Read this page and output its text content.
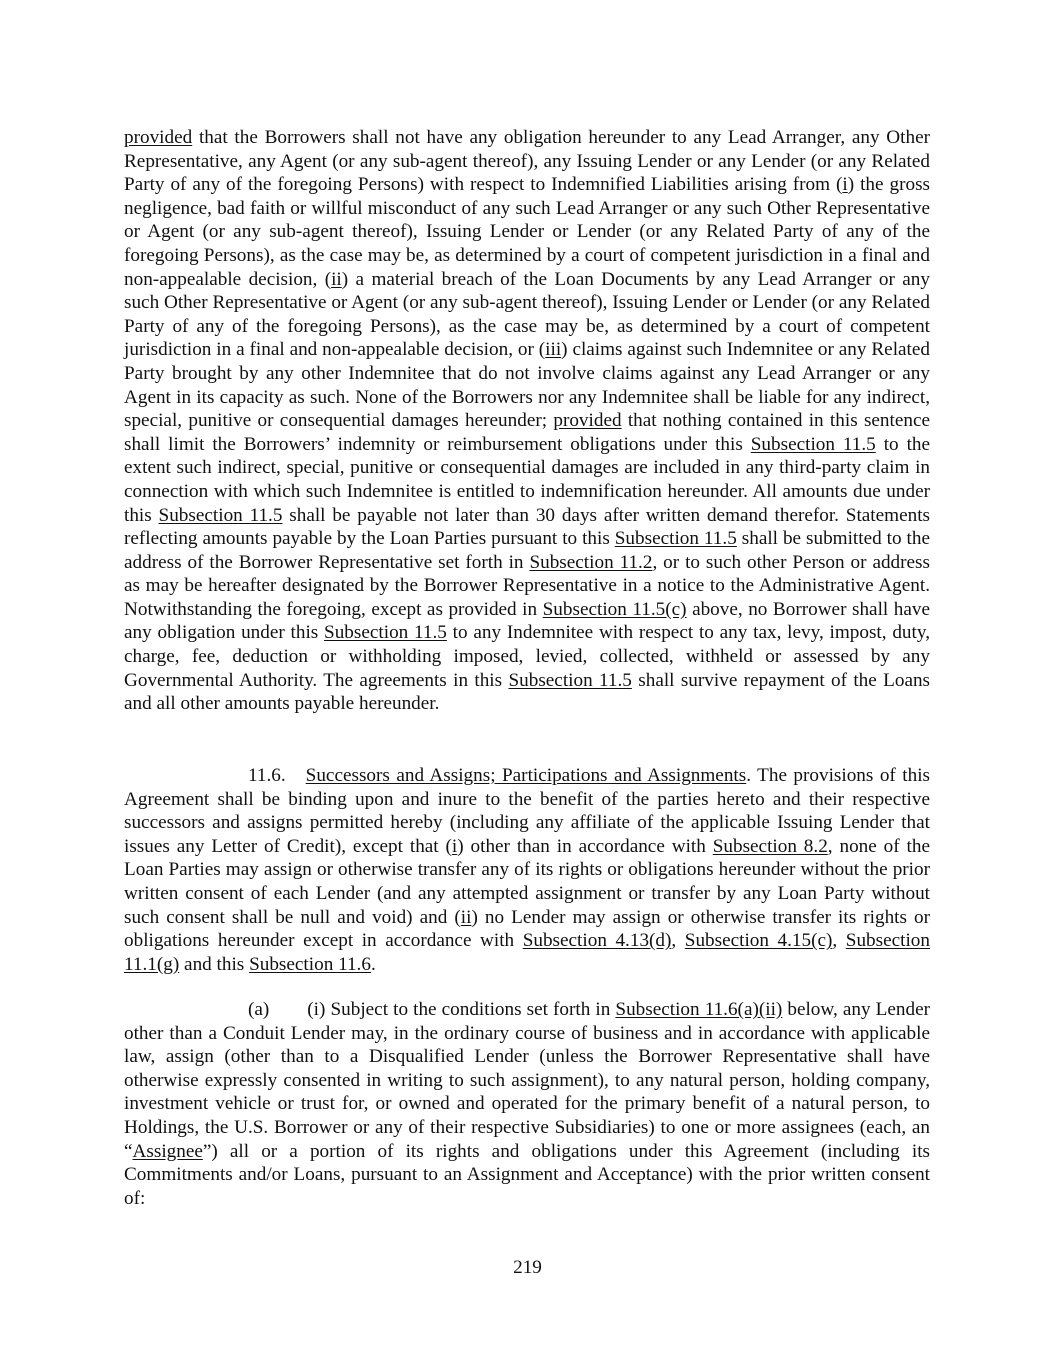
provided that the Borrowers shall not have any obligation hereunder to any Lead Arranger, any Other Representative, any Agent (or any sub-agent thereof), any Issuing Lender or any Lender (or any Related Party of any of the foregoing Persons) with respect to Indemnified Liabilities arising from (i) the gross negligence, bad faith or willful misconduct of any such Lead Arranger or any such Other Representative or Agent (or any sub-agent thereof), Issuing Lender or Lender (or any Related Party of any of the foregoing Persons), as the case may be, as determined by a court of competent jurisdiction in a final and non-appealable decision, (ii) a material breach of the Loan Documents by any Lead Arranger or any such Other Representative or Agent (or any sub-agent thereof), Issuing Lender or Lender (or any Related Party of any of the foregoing Persons), as the case may be, as determined by a court of competent jurisdiction in a final and non-appealable decision, or (iii) claims against such Indemnitee or any Related Party brought by any other Indemnitee that do not involve claims against any Lead Arranger or any Agent in its capacity as such. None of the Borrowers nor any Indemnitee shall be liable for any indirect, special, punitive or consequential damages hereunder; provided that nothing contained in this sentence shall limit the Borrowers’ indemnity or reimbursement obligations under this Subsection 11.5 to the extent such indirect, special, punitive or consequential damages are included in any third-party claim in connection with which such Indemnitee is entitled to indemnification hereunder. All amounts due under this Subsection 11.5 shall be payable not later than 30 days after written demand therefor. Statements reflecting amounts payable by the Loan Parties pursuant to this Subsection 11.5 shall be submitted to the address of the Borrower Representative set forth in Subsection 11.2, or to such other Person or address as may be hereafter designated by the Borrower Representative in a notice to the Administrative Agent. Notwithstanding the foregoing, except as provided in Subsection 11.5(c) above, no Borrower shall have any obligation under this Subsection 11.5 to any Indemnitee with respect to any tax, levy, impost, duty, charge, fee, deduction or withholding imposed, levied, collected, withheld or assessed by any Governmental Authority. The agreements in this Subsection 11.5 shall survive repayment of the Loans and all other amounts payable hereunder.

11.6. Successors and Assigns; Participations and Assignments. The provisions of this Agreement shall be binding upon and inure to the benefit of the parties hereto and their respective successors and assigns permitted hereby (including any affiliate of the applicable Issuing Lender that issues any Letter of Credit), except that (i) other than in accordance with Subsection 8.2, none of the Loan Parties may assign or otherwise transfer any of its rights or obligations hereunder without the prior written consent of each Lender (and any attempted assignment or transfer by any Loan Party without such consent shall be null and void) and (ii) no Lender may assign or otherwise transfer its rights or obligations hereunder except in accordance with Subsection 4.13(d), Subsection 4.15(c), Subsection 11.1(g) and this Subsection 11.6.

(a) (i) Subject to the conditions set forth in Subsection 11.6(a)(ii) below, any Lender other than a Conduit Lender may, in the ordinary course of business and in accordance with applicable law, assign (other than to a Disqualified Lender (unless the Borrower Representative shall have otherwise expressly consented in writing to such assignment), to any natural person, holding company, investment vehicle or trust for, or owned and operated for the primary benefit of a natural person, to Holdings, the U.S. Borrower or any of their respective Subsidiaries) to one or more assignees (each, an “Assignee”) all or a portion of its rights and obligations under this Agreement (including its Commitments and/or Loans, pursuant to an Assignment and Acceptance) with the prior written consent of:

219
